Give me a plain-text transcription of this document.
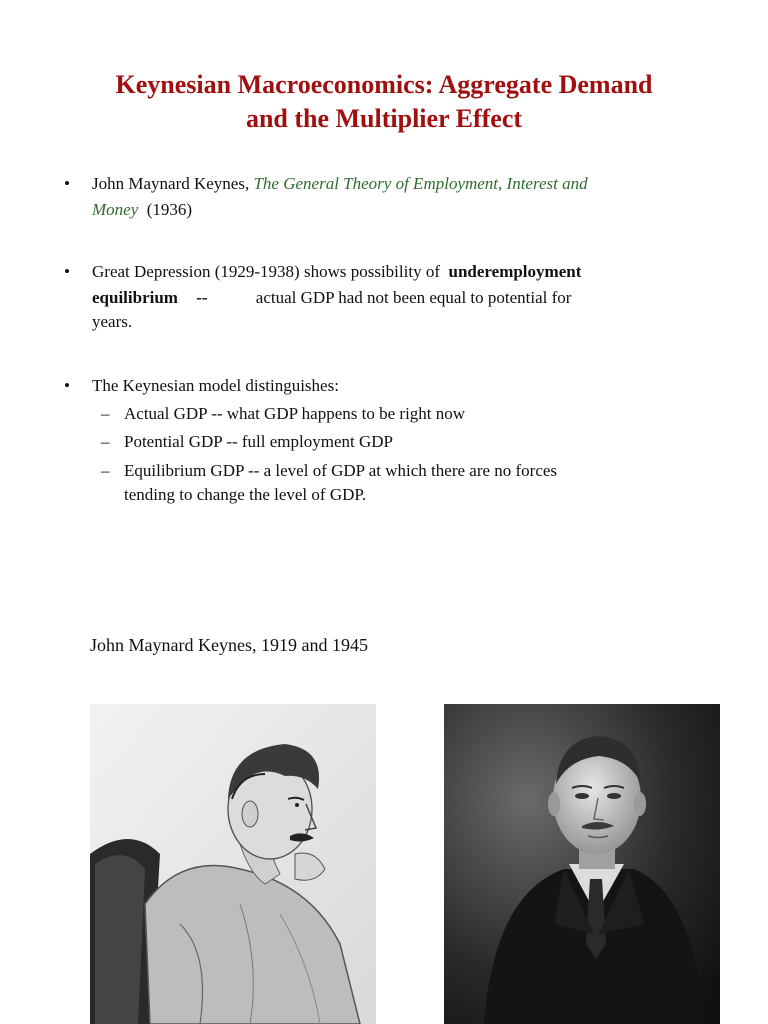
Keynesian Macroeconomics: Aggregate Demand
and the Multiplier Effect
• John Maynard Keynes, The General Theory of Employment, Interest and
Money (1936)
• Great Depression (1929-1938) shows possibility of underemployment
equilibrium --	actual GDP had not been equal to potential for
years.
• The Keynesian model distinguishes:
– Actual GDP -- what GDP happens to be right now
– Potential GDP -- full employment GDP
– Equilibrium GDP -- a level of GDP at which there are no forces
tending to change the level of GDP.
John Maynard Keynes, 1919 and 1945
